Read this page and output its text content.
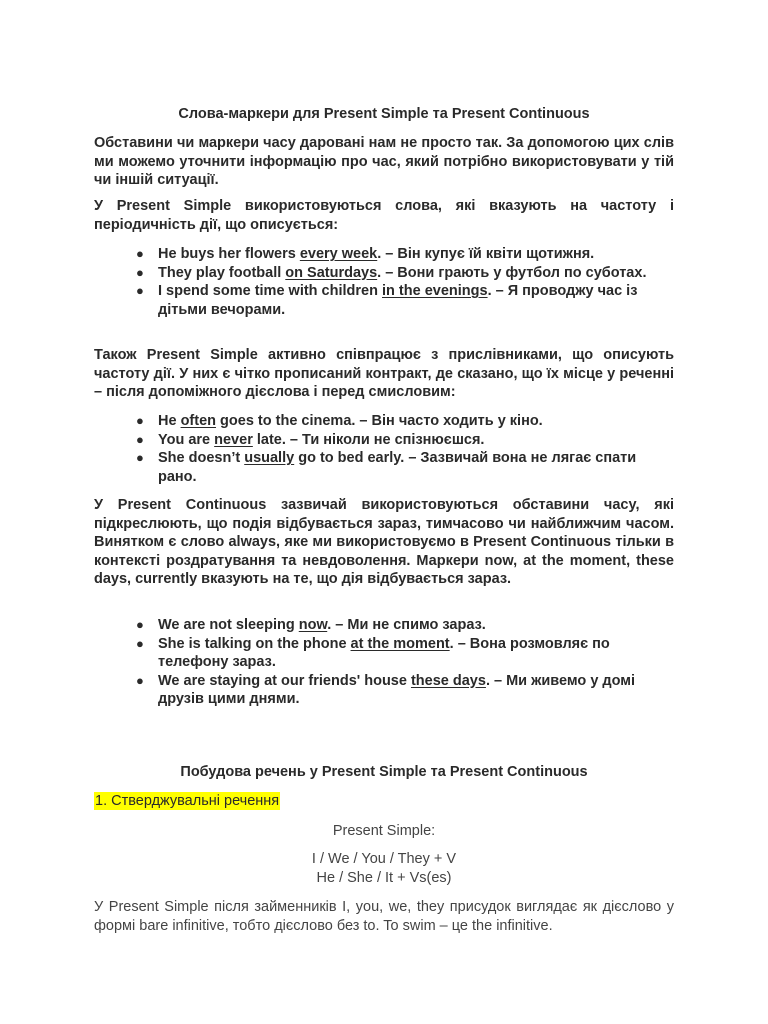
Слова-маркери для Present Simple та Present Continuous
Обставини чи маркери часу даровані нам не просто так. За допомогою цих слів ми можемо уточнити інформацію про час, який потрібно використовувати у тій чи іншій ситуації.
У Present Simple використовуються слова, які вказують на частоту і періодичність дії, що описується:
● He buys her flowers every week. – Він купує їй квіти щотижня.
● They play football on Saturdays. – Вони грають у футбол по суботах.
● I spend some time with children in the evenings. – Я проводжу час із дітьми вечорами.
Також Present Simple активно співпрацює з прислівниками, що описують частоту дії. У них є чітко прописаний контракт, де сказано, що їх місце у реченні – після допоміжного дієслова і перед смисловим:
● He often goes to the cinema. – Він часто ходить у кіно.
● You are never late. – Ти ніколи не спізнюєшся.
● She doesn’t usually go to bed early. – Зазвичай вона не лягає спати рано.
У Present Continuous зазвичай використовуються обставини часу, які підкреслюють, що подія відбувається зараз, тимчасово чи найближчим часом. Винятком є слово always, яке ми використовуємо в Present Continuous тільки в контексті роздратування та невдоволення. Маркери now, at the moment, these days, currently вказують на те, що дія відбувається зараз.
● We are not sleeping now. – Ми не спимо зараз.
● She is talking on the phone at the moment. – Вона розмовляє по телефону зараз.
● We are staying at our friends' house these days. – Ми живемо у домі друзів цими днями.
Побудова речень у Present Simple та Present Continuous
1. Стверджувальні речення
Present Simple:
I / We / You / They + V
He / She / It + Vs(es)
У Present Simple після займенників I, you, we, they присудок виглядає як дієслово у формі bare infinitive, тобто дієслово без to. To swim – це the infinitive.
